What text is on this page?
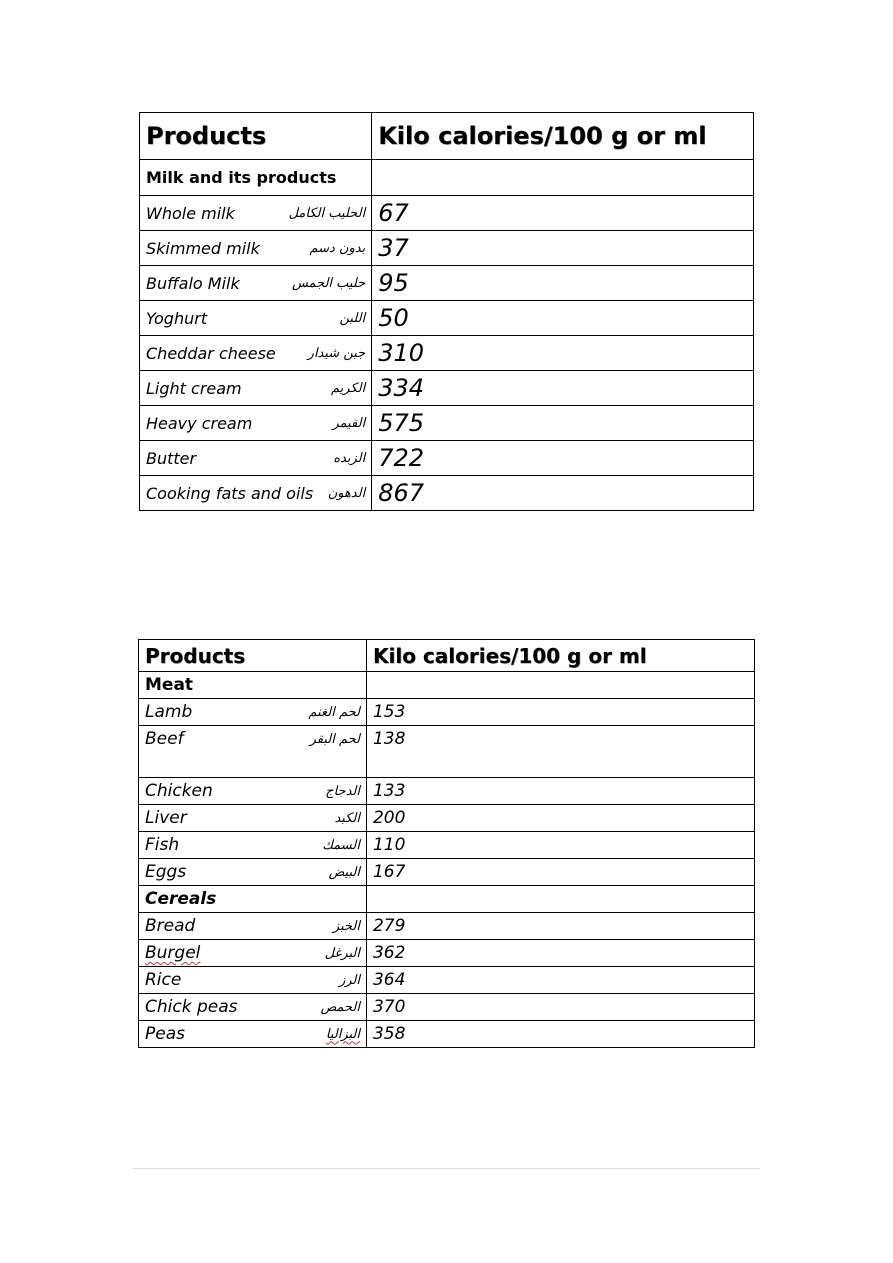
Products	Kilo calories/100 g or ml
Milk and its products	

Whole milk الحليب الكامل	67

Skimmed milk بدون دسم	37

Buffalo Milk حليب الجمس	95

Yoghurt اللبن	50

Cheddar cheese جبن شيدار	310

Light cream الكريم	334

Heavy cream القيمر	575

Butter الزبده	722

Cooking fats and oils الدهون	867
Products	Kilo calories/100 g or ml
Meat	

Lamb لحم الغنم	153

Beef لحم البقر	138

Chicken الدجاج	133

Liver الكبد	200

Fish السمك	110

Eggs البيض	167
Cereals	

Bread الخبز	279

Burgel البرغل	362

Rice الرز	364

Chick peas الحمص	370

Peas البزاليا	358
